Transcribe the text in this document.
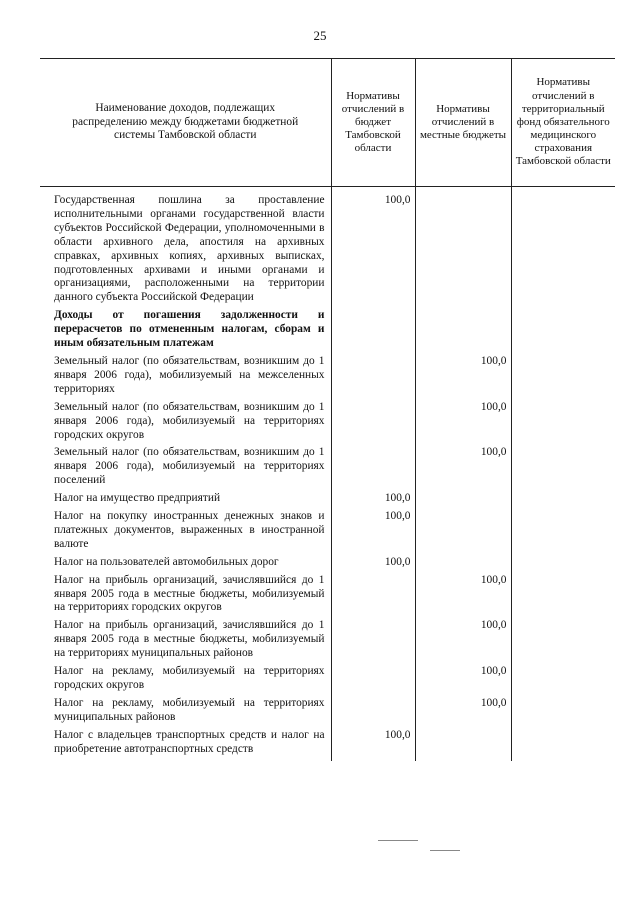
25
Наименование доходов, подлежащих распределению между бюджетами бюджетной системы Тамбовской области	Нормативы отчислений в бюджет Тамбовской области	Нормативы отчислений в местные бюджеты	Нормативы отчислений в территориальный фонд обязательного медицинского страхования Тамбовской области
Государственная пошлина за проставление исполнительными органами государственной власти субъектов Российской Федерации, уполномоченными в области архивного дела, апостиля на архивных справках, архивных копиях, архивных выписках, подготовленных архивами и иными органами и организациями, расположенными на территории данного субъекта Российской Федерации	100,0		
Доходы от погашения задолженности и перерасчетов по отмененным налогам, сборам и иным обязательным платежам			
Земельный налог (по обязательствам, возникшим до 1 января 2006 года), мобилизуемый на межселенных территориях		100,0	
Земельный налог (по обязательствам, возникшим до 1 января 2006 года), мобилизуемый на территориях городских округов		100,0	
Земельный налог (по обязательствам, возникшим до 1 января 2006 года), мобилизуемый на территориях поселений		100,0	
Налог на имущество предприятий	100,0		
Налог на покупку иностранных денежных знаков и платежных документов, выраженных в иностранной валюте	100,0		
Налог на пользователей автомобильных дорог	100,0		
Налог на прибыль организаций, зачислявшийся до 1 января 2005 года в местные бюджеты, мобилизуемый на территориях городских округов		100,0	
Налог на прибыль организаций, зачислявшийся до 1 января 2005 года в местные бюджеты, мобилизуемый на территориях муниципальных районов		100,0	
Налог на рекламу, мобилизуемый на территориях городских округов		100,0	
Налог на рекламу, мобилизуемый на территориях муниципальных районов		100,0	
Налог с владельцев транспортных средств и налог на приобретение автотранспортных средств	100,0		
